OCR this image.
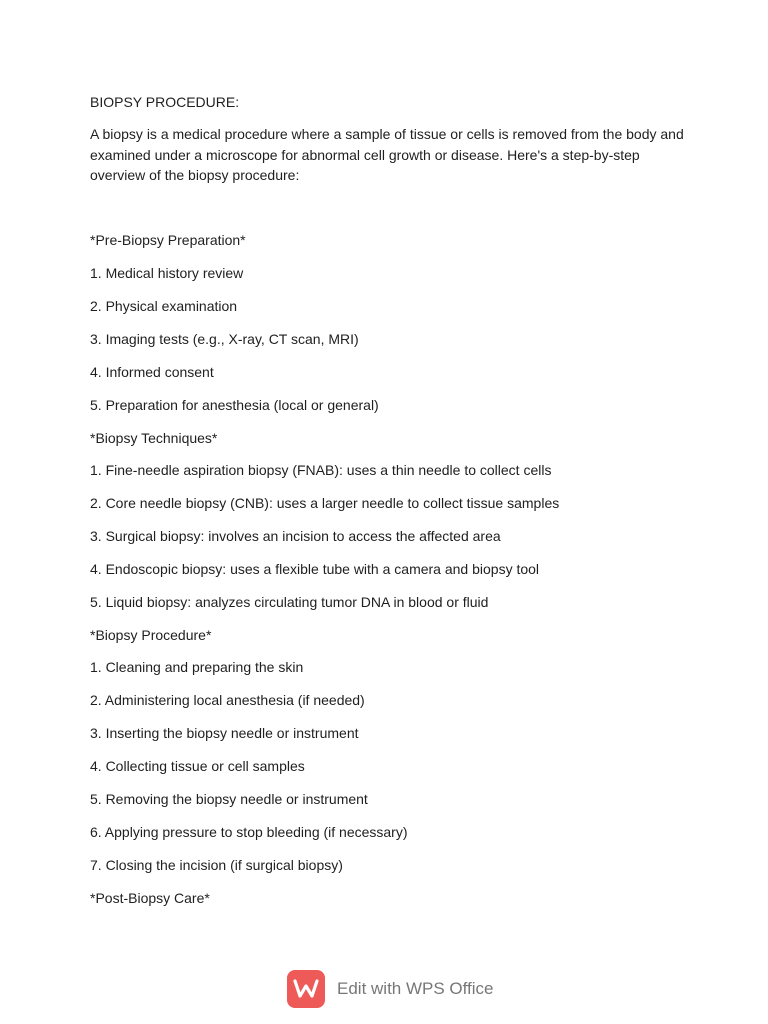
BIOPSY PROCEDURE:
A biopsy is a medical procedure where a sample of tissue or cells is removed from the body and examined under a microscope for abnormal cell growth or disease. Here's a step-by-step overview of the biopsy procedure:
*Pre-Biopsy Preparation*
1. Medical history review
2. Physical examination
3. Imaging tests (e.g., X-ray, CT scan, MRI)
4. Informed consent
5. Preparation for anesthesia (local or general)
*Biopsy Techniques*
1. Fine-needle aspiration biopsy (FNAB): uses a thin needle to collect cells
2. Core needle biopsy (CNB): uses a larger needle to collect tissue samples
3. Surgical biopsy: involves an incision to access the affected area
4. Endoscopic biopsy: uses a flexible tube with a camera and biopsy tool
5. Liquid biopsy: analyzes circulating tumor DNA in blood or fluid
*Biopsy Procedure*
1. Cleaning and preparing the skin
2. Administering local anesthesia (if needed)
3. Inserting the biopsy needle or instrument
4. Collecting tissue or cell samples
5. Removing the biopsy needle or instrument
6. Applying pressure to stop bleeding (if necessary)
7. Closing the incision (if surgical biopsy)
*Post-Biopsy Care*
Edit with WPS Office
